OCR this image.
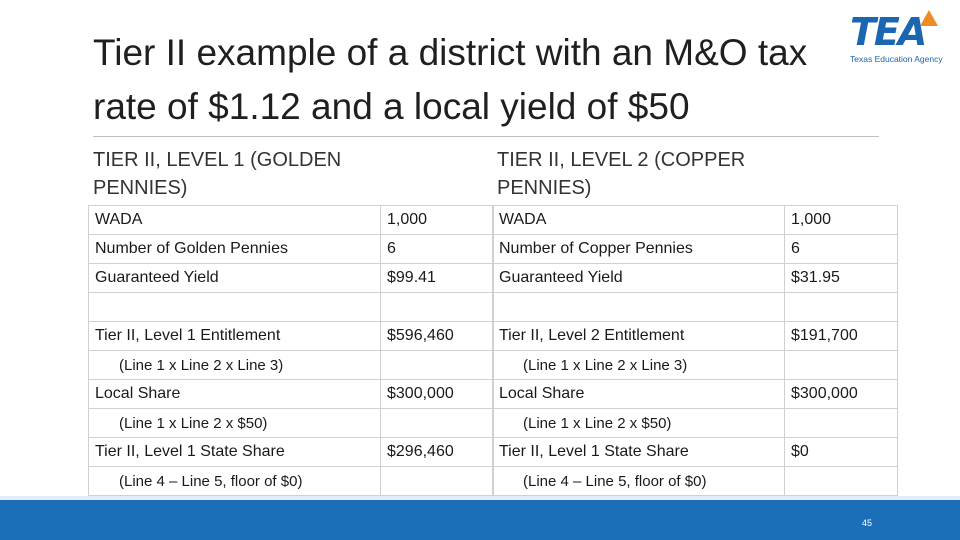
Tier II example of a district with an M&O tax rate of $1.12 and a local yield of $50
TEA
Texas Education Agency
TIER II, LEVEL 1 (GOLDEN PENNIES)
TIER II, LEVEL 2 (COPPER PENNIES)
WADA	1,000
Number of Golden Pennies	6
Guaranteed Yield	$99.41

Tier II, Level 1 Entitlement	$596,460
(Line 1 x Line 2 x Line 3)	
Local Share	$300,000
(Line 1 x Line 2 x $50)	
Tier II, Level 1 State Share	$296,460
(Line 4 – Line 5, floor of $0)	
WADA	1,000
Number of Copper Pennies	6
Guaranteed Yield	$31.95

Tier II, Level 2 Entitlement	$191,700
(Line 1 x Line 2 x Line 3)	
Local Share	$300,000
(Line 1 x Line 2 x $50)	
Tier II, Level 1 State Share	$0
(Line 4 – Line 5, floor of $0)	
45
